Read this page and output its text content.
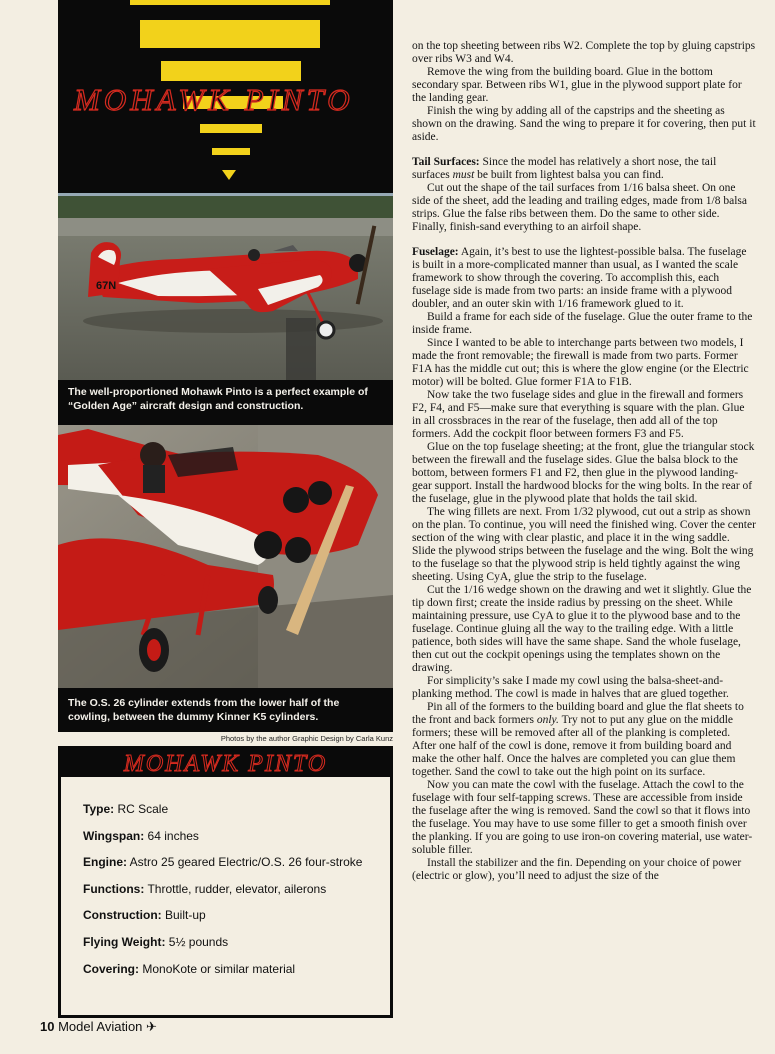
MOHAWK PINTO
67N
The well-proportioned Mohawk Pinto is a perfect example of “Golden Age” aircraft design and construction.
The O.S. 26 cylinder extends from the lower half of the cowling, between the dummy Kinner K5 cylinders.
Photos by the author Graphic Design by Carla Kunz
MOHAWK PINTO
Type: RC Scale
Wingspan: 64 inches
Engine: Astro 25 geared Electric/O.S. 26 four-stroke
Functions: Throttle, rudder, elevator, ailerons
Construction: Built-up
Flying Weight: 5½ pounds
Covering: MonoKote or similar material
10 Model Aviation ✈

on the top sheeting between ribs W2. Complete the top by gluing capstrips over ribs W3 and W4.

Remove the wing from the building board. Glue in the bottom secondary spar. Between ribs W1, glue in the plywood support plate for the landing gear.

Finish the wing by adding all of the capstrips and the sheeting as shown on the drawing. Sand the wing to prepare it for covering, then put it aside.

Tail Surfaces: Since the model has relatively a short nose, the tail surfaces must be built from lightest balsa you can find.

Cut out the shape of the tail surfaces from 1/16 balsa sheet. On one side of the sheet, add the leading and trailing edges, made from 1/8 balsa strips. Glue the false ribs between them. Do the same to other side. Finally, finish-sand everything to an airfoil shape.

Fuselage: Again, it’s best to use the lightest-possible balsa. The fuselage is built in a more-complicated manner than usual, as I wanted the scale framework to show through the covering. To accomplish this, each fuselage side is made from two parts: an inside frame with a plywood doubler, and an outer skin with 1/16 framework glued to it.

Build a frame for each side of the fuselage. Glue the outer frame to the inside frame.

Since I wanted to be able to interchange parts between two models, I made the front removable; the firewall is made from two parts. Former F1A has the middle cut out; this is where the glow engine (or the Electric motor) will be bolted. Glue former F1A to F1B.

Now take the two fuselage sides and glue in the firewall and formers F2, F4, and F5—make sure that everything is square with the plan. Glue in all crossbraces in the rear of the fuselage, then add all of the top formers. Add the cockpit floor between formers F3 and F5.

Glue on the top fuselage sheeting; at the front, glue the triangular stock between the firewall and the fuselage sides. Glue the balsa block to the bottom, between formers F1 and F2, then glue in the plywood landing-gear support. Install the hardwood blocks for the wing bolts. In the rear of the fuselage, glue in the plywood plate that holds the tail skid.

The wing fillets are next. From 1/32 plywood, cut out a strip as shown on the plan. To continue, you will need the finished wing. Cover the center section of the wing with clear plastic, and place it in the wing saddle. Slide the plywood strips between the fuselage and the wing. Bolt the wing to the fuselage so that the plywood strip is held tightly against the wing sheeting. Using CyA, glue the strip to the fuselage.

Cut the 1/16 wedge shown on the drawing and wet it slightly. Glue the tip down first; create the inside radius by pressing on the sheet. While maintaining pressure, use CyA to glue it to the plywood base and to the fuselage. Continue gluing all the way to the trailing edge. With a little patience, both sides will have the same shape. Sand the whole fuselage, then cut out the cockpit openings using the templates shown on the drawing.

For simplicity’s sake I made my cowl using the balsa-sheet-and-planking method. The cowl is made in halves that are glued together.

Pin all of the formers to the building board and glue the flat sheets to the front and back formers only. Try not to put any glue on the middle formers; these will be removed after all of the planking is completed. After one half of the cowl is done, remove it from building board and make the other half. Once the halves are completed you can glue them together. Sand the cowl to take out the high point on its surface.

Now you can mate the cowl with the fuselage. Attach the cowl to the fuselage with four self-tapping screws. These are accessible from inside the fuselage after the wing is removed. Sand the cowl so that it flows into the fuselage. You may have to use some filler to get a smooth finish over the planking. If you are going to use iron-on covering material, use water-soluble filler.

Install the stabilizer and the fin. Depending on your choice of power (electric or glow), you’ll need to adjust the size of the
